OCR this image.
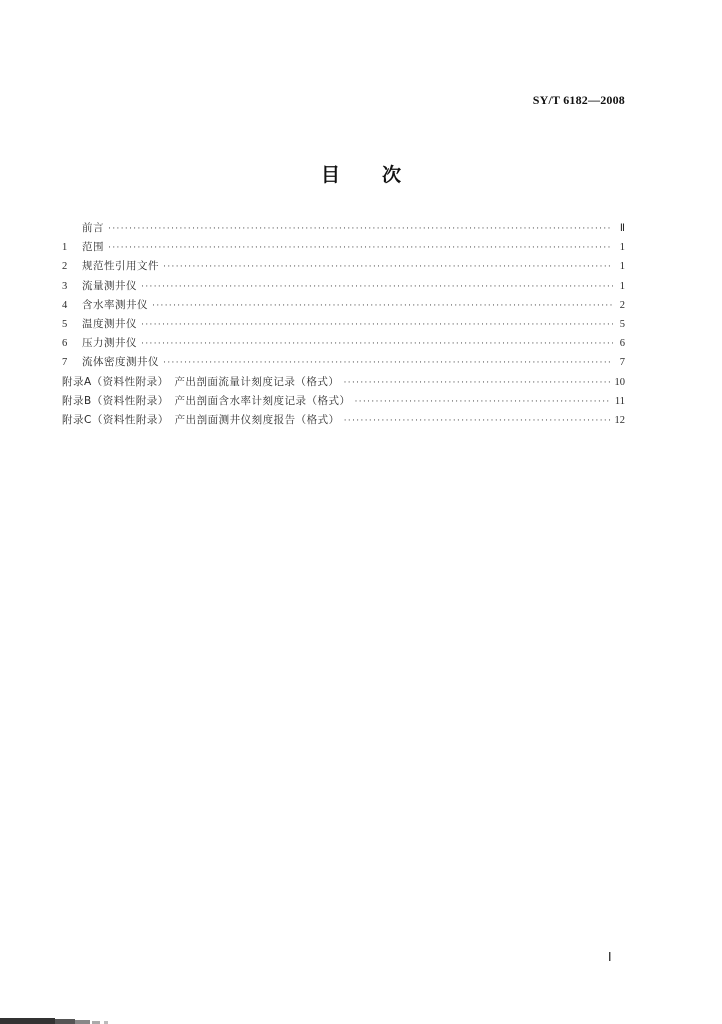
SY/T 6182—2008
目 次
前言 ·····	Ⅱ
1	范围 ·····	1
2	规范性引用文件 ·····	1
3	流量测井仪 ·····	1
4	含水率测井仪 ·····	2
5	温度测井仪 ·····	5
6	压力测井仪 ·····	6
7	流体密度测井仪 ·····	7
附录A（资料性附录）　产出剖面流量计刻度记录（格式） ·····	10
附录B（资料性附录）　产出剖面含水率计刻度记录（格式） ·····	11
附录C（资料性附录）　产出剖面测井仪刻度报告（格式） ·····	12
Ⅰ
